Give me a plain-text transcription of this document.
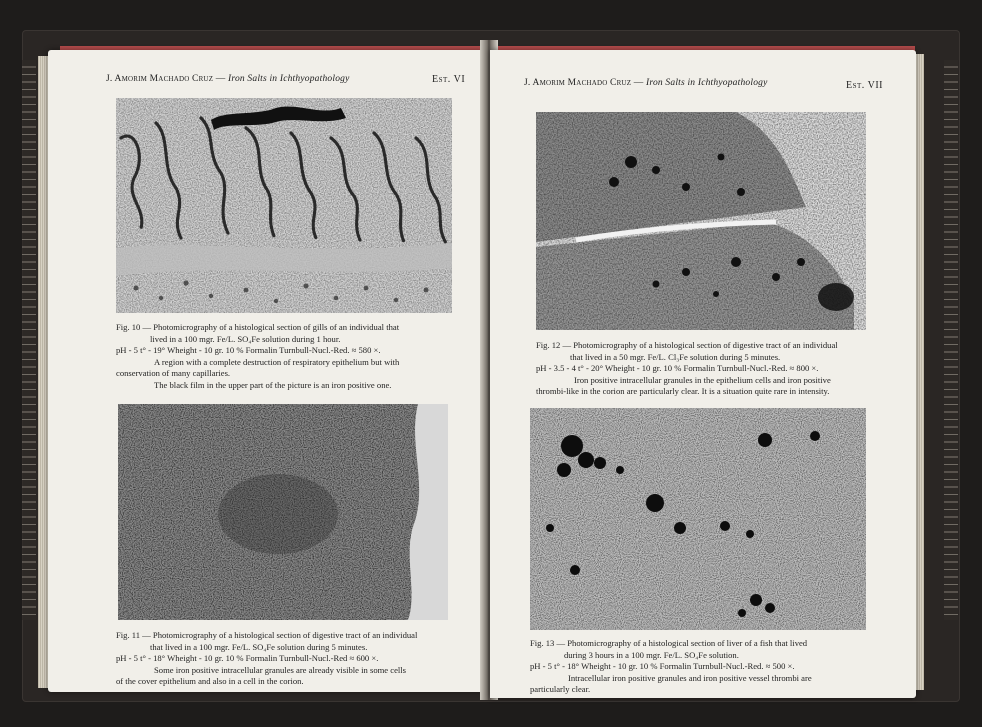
J. Amorim Machado Cruz — Iron Salts in Ichthyopathology	Est. VI

Fig. 10 — Photomicrography of a histological section of gills of an individual that

lived in a 100 mgr. Fe/L. SO₄Fe solution during 1 hour.

pH - 5 t° - 19° Wheight - 10 gr. 10 % Formalin Turnbull-Nucl.-Red. ≈ 580 ×.

A region with a complete destruction of respiratory epithelium but with

conservation of many capillaries.

The black film in the upper part of the picture is an iron positive one.

Fig. 11 — Photomicrography of a histological section of digestive tract of an individual

that lived in a 100 mgr. Fe/L. SO₄Fe solution during 5 minutes.

pH - 5 t° - 18° Wheight - 10 gr. 10 % Formalin Turnbull-Nucl.-Red ≈ 600 ×.

Some iron positive intracellular granules are already visible in some cells

of the cover epithelium and also in a cell in the corion.

J. Amorim Machado Cruz — Iron Salts in Ichthyopathology	Est. VII

Fig. 12 — Photomicrography of a histological section of digestive tract of an individual

that lived in a 50 mgr. Fe/L. Cl₃Fe solution during 5 minutes.

pH - 3.5 - 4 t° - 20° Wheight - 10 gr. 10 % Formalin Turnbull-Nucl.-Red. ≈ 800 ×.

Iron positive intracellular granules in the epithelium cells and iron positive

thrombi-like in the corion are particularly clear. It is a situation quite rare in intensity.

Fig. 13 — Photomicrography of a histological section of liver of a fish that lived

during 3 hours in a 100 mgr. Fe/L. SO₄Fe solution.

pH - 5 t° - 18° Wheight - 10 gr. 10 % Formalin Turnbull-Nucl.-Red. ≈ 500 ×.

Intracellular iron positive granules and iron positive vessel thrombi are

particularly clear.
